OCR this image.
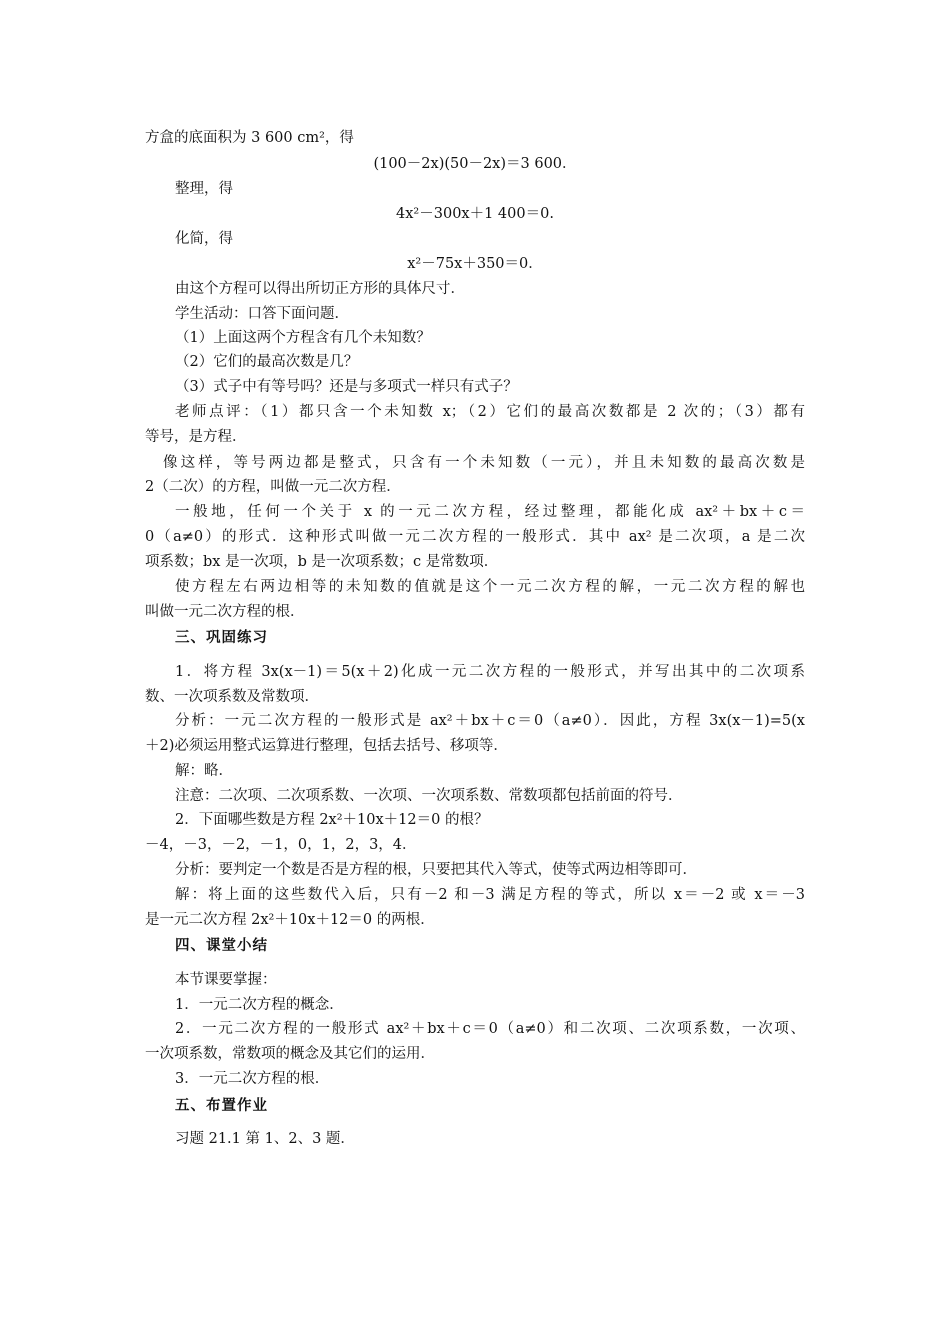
方盒的底面积为 3 600 cm²，得
(100－2x)(50－2x)＝3 600．
整理，得
4x²－300x＋1 400＝0.
化简，得
x²－75x＋350＝0．
由这个方程可以得出所切正方形的具体尺寸．
学生活动：口答下面问题．
（1）上面这两个方程含有几个未知数？
（2）它们的最高次数是几？
（3）式子中有等号吗？还是与多项式一样只有式子？
老师点评：（1）都只含一个未知数 x；（2）它们的最高次数都是 2 次的；（3）都有
等号，是方程．
像这样，等号两边都是整式，只含有一个未知数（一元），并且未知数的最高次数是
2（二次）的方程，叫做一元二次方程．
一般地，任何一个关于 x 的一元二次方程，经过整理，都能化成 ax²＋bx＋c＝
0（a≠0）的形式．这种形式叫做一元二次方程的一般形式．其中 ax² 是二次项，a 是二次
项系数；bx 是一次项，b 是一次项系数；c 是常数项．
使方程左右两边相等的未知数的值就是这个一元二次方程的解，一元二次方程的解也
叫做一元二次方程的根．
三、巩固练习
1．将方程 3x(x－1)＝5(x＋2)化成一元二次方程的一般形式，并写出其中的二次项系
数、一次项系数及常数项．
分析：一元二次方程的一般形式是 ax²＋bx＋c＝0（a≠0）．因此，方程 3x(x－1)=5(x
＋2)必须运用整式运算进行整理，包括去括号、移项等．
解：略．
注意：二次项、二次项系数、一次项、一次项系数、常数项都包括前面的符号．
2．下面哪些数是方程 2x²＋10x＋12＝0 的根？
－4，－3，－2，－1，0，1，2，3，4．
分析：要判定一个数是否是方程的根，只要把其代入等式，使等式两边相等即可．
解：将上面的这些数代入后，只有－2 和－3 满足方程的等式，所以 x＝－2 或 x＝－3
是一元二次方程 2x²＋10x＋12＝0 的两根．
四、课堂小结
本节课要掌握：
1．一元二次方程的概念．
2．一元二次方程的一般形式 ax²＋bx＋c＝0（a≠0）和二次项、二次项系数，一次项、
一次项系数，常数项的概念及其它们的运用．
3．一元二次方程的根．
五、布置作业
习题 21.1 第 1、2、3 题．
